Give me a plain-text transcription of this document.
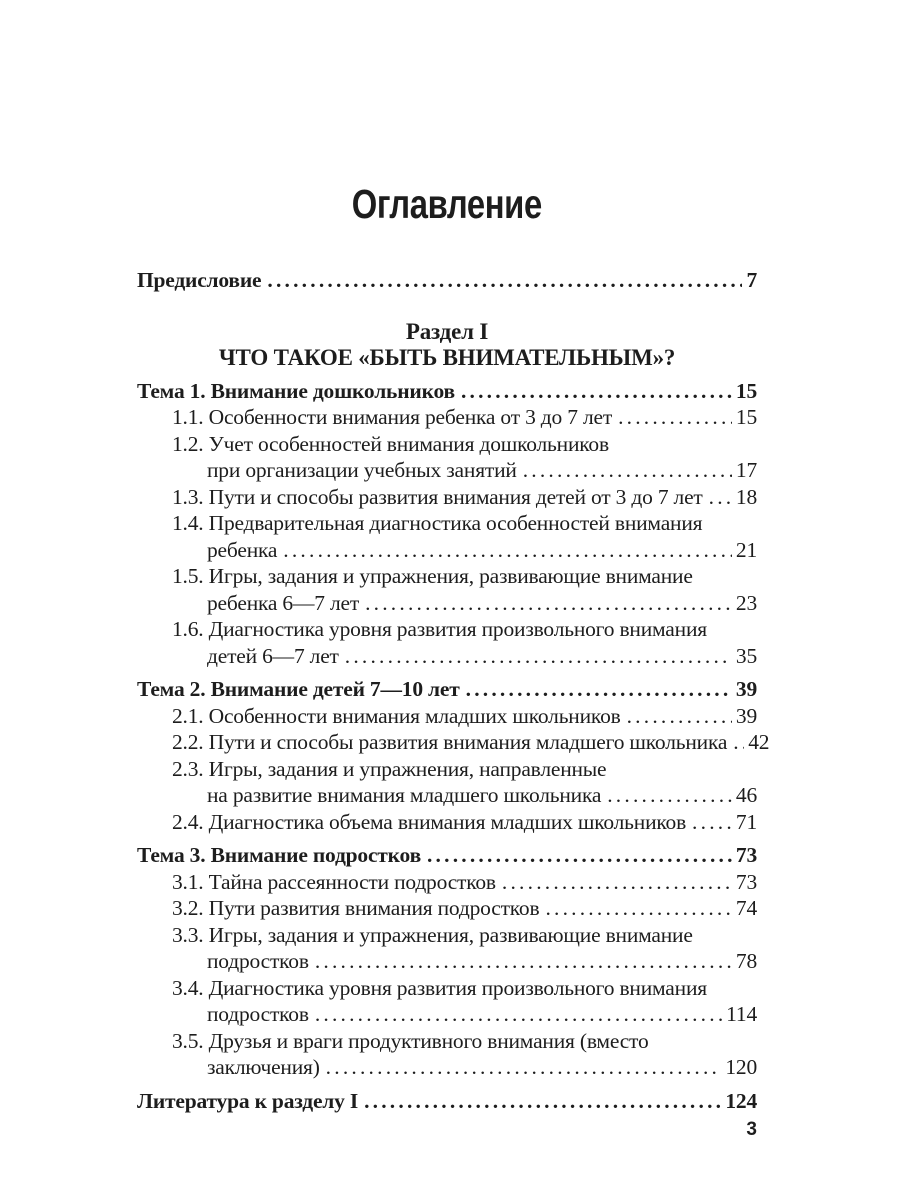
Оглавление
Предисловие .....	7
Раздел I
ЧТО ТАКОЕ «БЫТЬ ВНИМАТЕЛЬНЫМ»?
Тема 1. Внимание дошкольников .....	15
1.1. Особенности внимания ребенка от 3 до 7 лет .....	15
1.2. Учет особенностей внимания дошкольников
при организации учебных занятий .....	17
1.3. Пути и способы развития внимания детей от 3 до 7 лет ..... 18
1.4. Предварительная диагностика особенностей внимания
ребенка .....	21
1.5. Игры, задания и упражнения, развивающие внимание
ребенка 6—7 лет .....	23
1.6. Диагностика уровня развития произвольного внимания
детей 6—7 лет .....	35
Тема 2. Внимание детей 7—10 лет .....	39
2.1. Особенности внимания младших школьников .....	39
2.2. Пути и способы развития внимания младшего школьника ..... 42
2.3. Игры, задания и упражнения, направленные
на развитие внимания младшего школьника .....	46
2.4. Диагностика объема внимания младших школьников ..... 71
Тема 3. Внимание подростков .....	73
3.1. Тайна рассеянности подростков .....	73
3.2. Пути развития внимания подростков .....	74
3.3. Игры, задания и упражнения, развивающие внимание
подростков .....	78
3.4. Диагностика уровня развития произвольного внимания
подростков .....	114
3.5. Друзья и враги продуктивного внимания (вместо
заключения) .....	120
Литература к разделу I .....	124
3
